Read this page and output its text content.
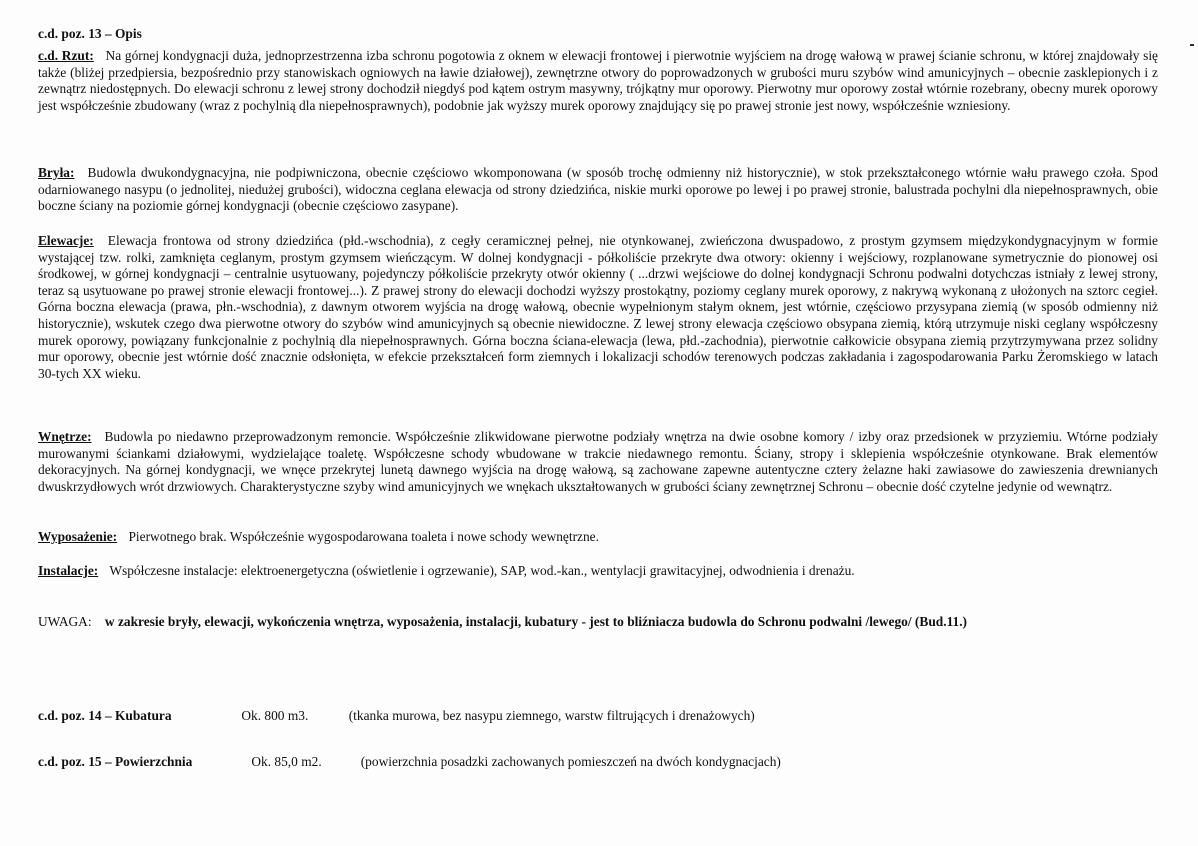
c.d. poz. 13 – Opis
c.d. Rzut: Na górnej kondygnacji duża, jednoprzestrzenna izba schronu pogotowia z oknem w elewacji frontowej i pierwotnie wyjściem na drogę wałową w prawej ścianie schronu, w której znajdowały się także (bliżej przedpiersia, bezpośrednio przy stanowiskach ogniowych na ławie działowej), zewnętrzne otwory do poprowadzonych w grubości muru szybów wind amunicyjnych – obecnie zasklepionych i z zewnątrz niedostępnych. Do elewacji schronu z lewej strony dochodził niegdyś pod kątem ostrym masywny, trójkątny mur oporowy. Pierwotny mur oporowy został wtórnie rozebrany, obecny murek oporowy jest współcześnie zbudowany (wraz z pochylnią dla niepełnosprawnych), podobnie jak wyższy murek oporowy znajdujący się po prawej stronie jest nowy, współcześnie wzniesiony.
Bryła: Budowla dwukondygnacyjna, nie podpiwniczona, obecnie częściowo wkomponowana (w sposób trochę odmienny niż historycznie), w stok przekształconego wtórnie wału prawego czoła. Spod odarniowanego nasypu (o jednolitej, niedużej grubości), widoczna ceglana elewacja od strony dziedzińca, niskie murki oporowe po lewej i po prawej stronie, balustrada pochylni dla niepełnosprawnych, obie boczne ściany na poziomie górnej kondygnacji (obecnie częściowo zasypane).
Elewacje: Elewacja frontowa od strony dziedzińca (płd.-wschodnia), z cegły ceramicznej pełnej, nie otynkowanej, zwieńczona dwuspadowo, z prostym gzymsem międzykondygnacyjnym w formie wystającej tzw. rolki, zamknięta ceglanym, prostym gzymsem wieńczącym. W dolnej kondygnacji - półkoliście przekryte dwa otwory: okienny i wejściowy, rozplanowane symetrycznie do pionowej osi środkowej, w górnej kondygnacji – centralnie usytuowany, pojedynczy półkoliście przekryty otwór okienny ( ...drzwi wejściowe do dolnej kondygnacji Schronu podwalni dotychczas istniały z lewej strony, teraz są usytuowane po prawej stronie elewacji frontowej...). Z prawej strony do elewacji dochodzi wyższy prostokątny, poziomy ceglany murek oporowy, z nakrywą wykonaną z ułożonych na sztorc cegieł. Górna boczna elewacja (prawa, płn.-wschodnia), z dawnym otworem wyjścia na drogę wałową, obecnie wypełnionym stałym oknem, jest wtórnie, częściowo przysypana ziemią (w sposób odmienny niż historycznie), wskutek czego dwa pierwotne otwory do szybów wind amunicyjnych są obecnie niewidoczne. Z lewej strony elewacja częściowo obsypana ziemią, którą utrzymuje niski ceglany współczesny murek oporowy, powiązany funkcjonalnie z pochylnią dla niepełnosprawnych. Górna boczna ściana-elewacja (lewa, płd.-zachodnia), pierwotnie całkowicie obsypana ziemią przytrzymywana przez solidny mur oporowy, obecnie jest wtórnie dość znacznie odsłonięta, w efekcie przekształceń form ziemnych i lokalizacji schodów terenowych podczas zakładania i zagospodarowania Parku Żeromskiego w latach 30-tych XX wieku.
Wnętrze: Budowla po niedawno przeprowadzonym remoncie. Współcześnie zlikwidowane pierwotne podziały wnętrza na dwie osobne komory / izby oraz przedsionek w przyziemiu. Wtórne podziały murowanymi ściankami działowymi, wydzielające toaletę. Współczesne schody wbudowane w trakcie niedawnego remontu. Ściany, stropy i sklepienia współcześnie otynkowane. Brak elementów dekoracyjnych. Na górnej kondygnacji, we wnęce przekrytej lunetą dawnego wyjścia na drogę wałową, są zachowane zapewne autentyczne cztery żelazne haki zawiasowe do zawieszenia drewnianych dwuskrzydłowych wrót drzwiowych. Charakterystyczne szyby wind amunicyjnych we wnękach ukształtowanych w grubości ściany zewnętrznej Schronu – obecnie dość czytelne jedynie od wewnątrz.
Wyposażenie: Pierwotnego brak. Współcześnie wygospodarowana toaleta i nowe schody wewnętrzne.
Instalacje: Współczesne instalacje: elektroenergetyczna (oświetlenie i ogrzewanie), SAP, wod.-kan., wentylacji grawitacyjnej, odwodnienia i drenażu.
UWAGA: w zakresie bryły, elewacji, wykończenia wnętrza, wyposażenia, instalacji, kubatury - jest to bliźniacza budowla do Schronu podwalni /lewego/ (Bud.11.)
c.d. poz. 14 – Kubatura	Ok. 800 m3.	(tkanka murowa, bez nasypu ziemnego, warstw filtrujących i drenażowych)
c.d. poz. 15 – Powierzchnia	Ok. 85,0 m2.	(powierzchnia posadzki zachowanych pomieszczeń na dwóch kondygnacjach)
